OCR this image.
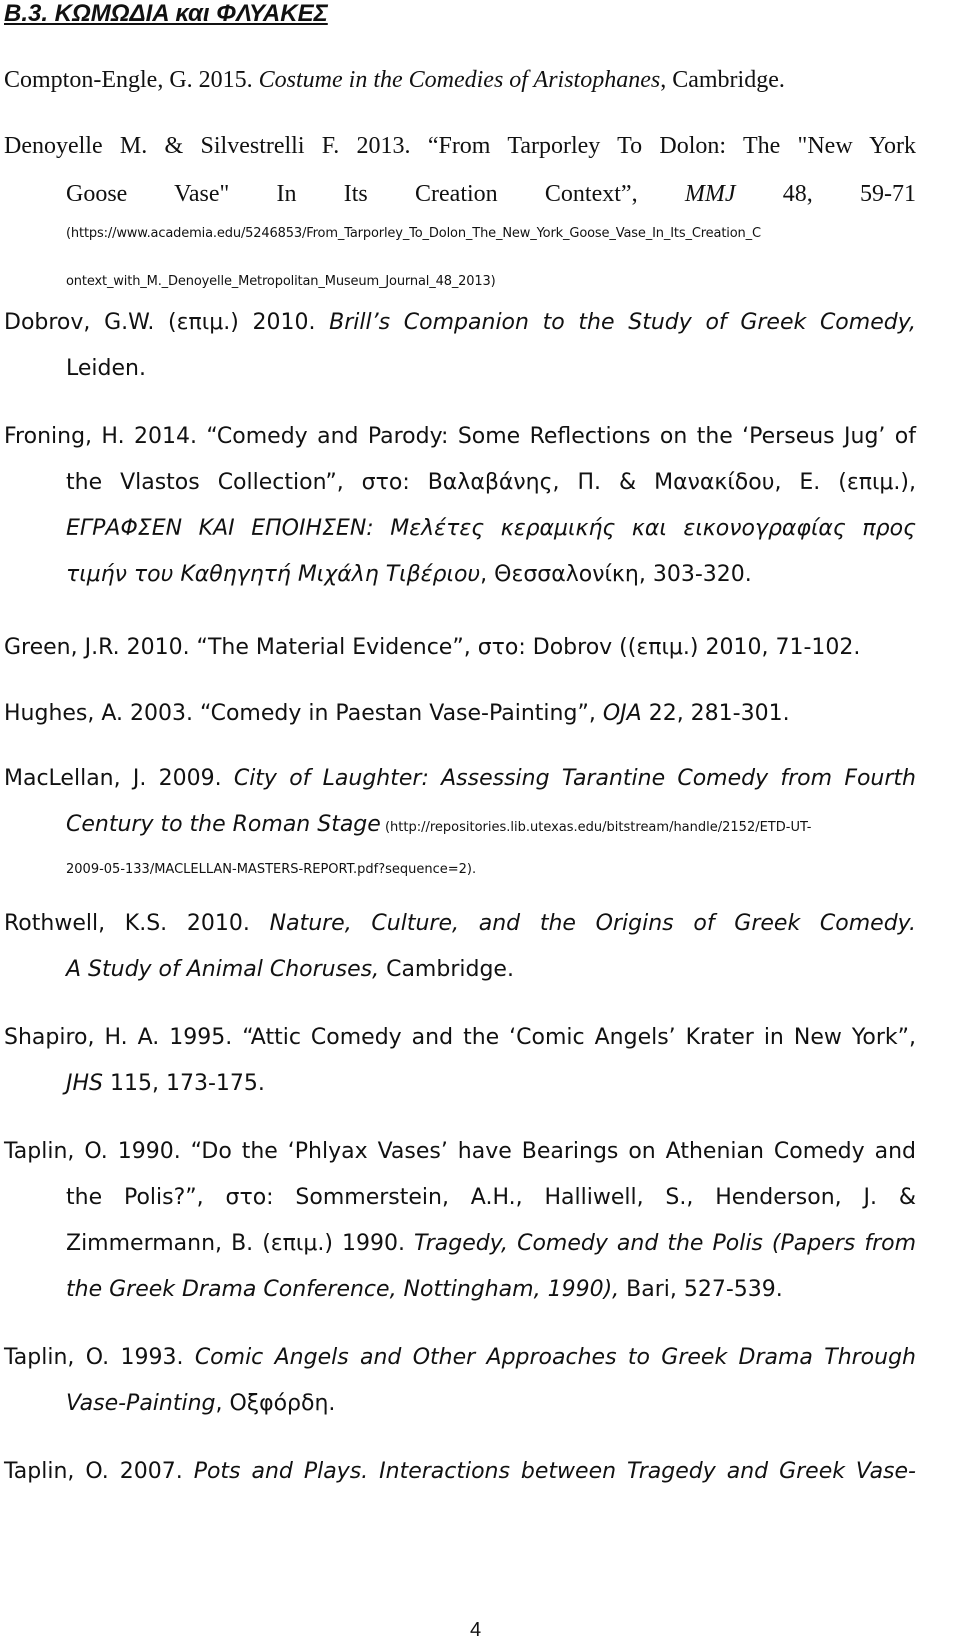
Β.3. ΚΩΜΩΔΙΑ και ΦΛΥΑΚΕΣ
Compton-Engle, G. 2015. Costume in the Comedies of Aristophanes, Cambridge.
Denoyelle M. & Silvestrelli F. 2013. “From Tarporley To Dolon: The "New York
Goose Vase" In Its Creation Context”, MMJ 48, 59-71
(https://www.academia.edu/5246853/From_Tarporley_To_Dolon_The_New_York_Goose_Vase_In_Its_Creation_C
ontext_with_M._Denoyelle_Metropolitan_Museum_Journal_48_2013)
Dobrov, G.W. (επιμ.) 2010. Brill’s Companion to the Study of Greek Comedy,
Leiden.
Froning, H. 2014. “Comedy and Parody: Some Reflections on the ‘Perseus Jug’ of
the Vlastos Collection”, στο: Βαλαβάνης, Π. & Μανακίδου, Ε. (επιμ.),
ΕΓΡΑΦΣΕΝ ΚΑΙ ΕΠΟΙΗΣΕΝ: Μελέτες κεραμικής και εικονογραφίας προς
τιμήν του Καθηγητή Μιχάλη Τιβέριου, Θεσσαλονίκη, 303-320.
Green, J.R. 2010. “The Material Evidence”, στο: Dobrov ((επιμ.) 2010, 71-102.
Hughes, A. 2003. “Comedy in Paestan Vase-Painting”, OJA 22, 281-301.
MacLellan, J. 2009. City of Laughter: Assessing Tarantine Comedy from Fourth
Century to the Roman Stage (http://repositories.lib.utexas.edu/bitstream/handle/2152/ETD-UT-
2009-05-133/MACLELLAN-MASTERS-REPORT.pdf?sequence=2).
Rothwell, K.S. 2010. Nature, Culture, and the Origins of Greek Comedy.
A Study of Animal Choruses, Cambridge.
Shapiro, H. A. 1995. “Attic Comedy and the ‘Comic Angels’ Krater in New York”,
JHS 115, 173-175.
Taplin, O. 1990. “Do the ‘Phlyax Vases’ have Bearings on Athenian Comedy and
the Polis?”, στο: Sommerstein, A.H., Halliwell, S., Henderson, J. &
Zimmermann, B. (επιμ.) 1990. Tragedy, Comedy and the Polis (Papers from
the Greek Drama Conference, Nottingham, 1990), Bari, 527-539.
Taplin, O. 1993. Comic Angels and Other Approaches to Greek Drama Through
Vase-Painting, Οξφόρδη.
Taplin, O. 2007. Pots and Plays. Interactions between Tragedy and Greek Vase-
4
